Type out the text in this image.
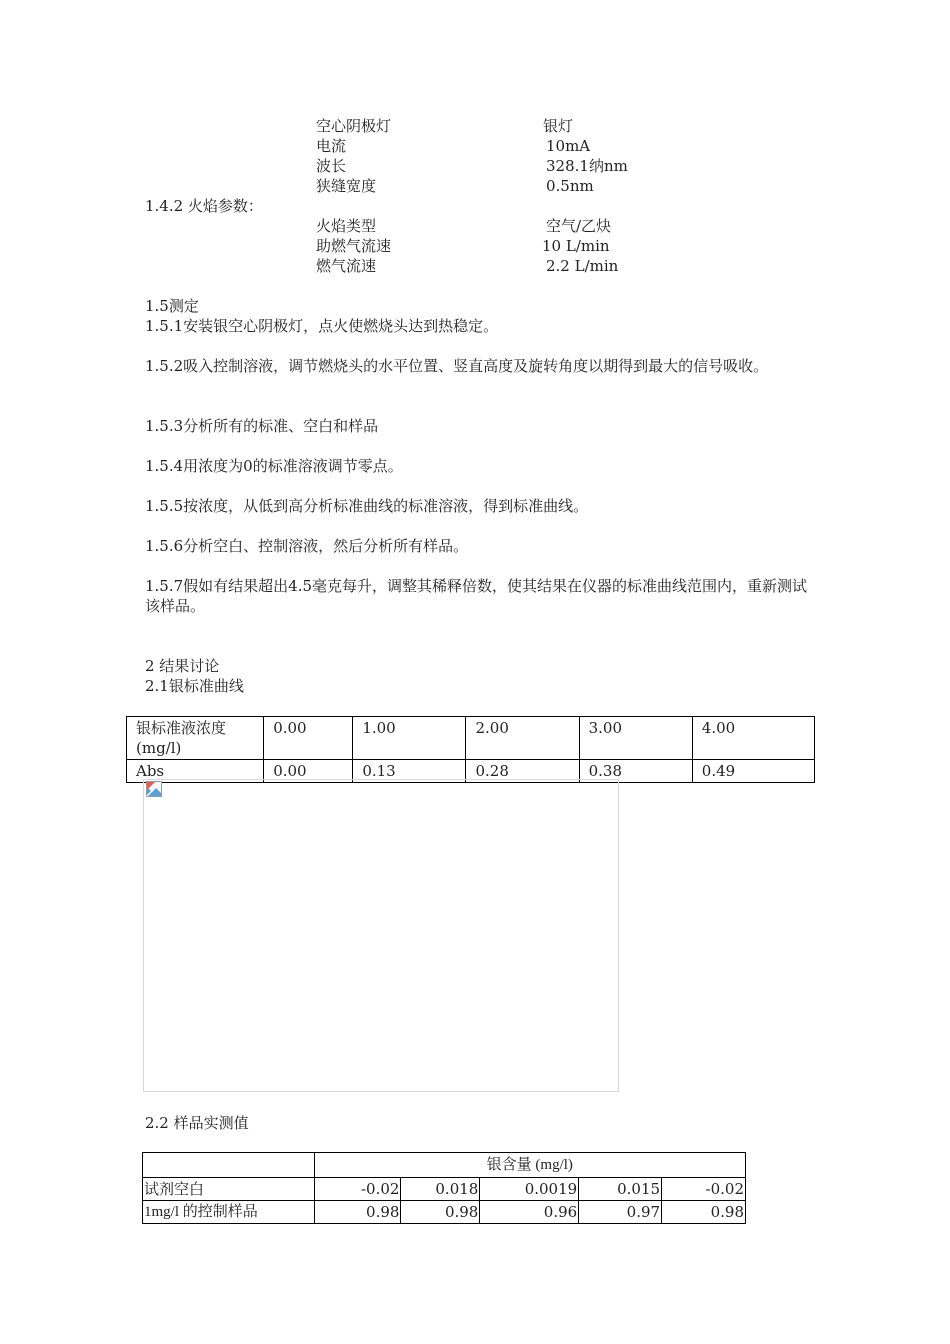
空心阴极灯	银灯
电流	10mA
波长	328.1纳nm
狭缝宽度	0.5nm
1.4.2 火焰参数：
火焰类型	空气/乙炔
助燃气流速	10 L/min
燃气流速	2.2 L/min
1.5测定
1.5.1安装银空心阴极灯，点火使燃烧头达到热稳定。
1.5.2吸入控制溶液，调节燃烧头的水平位置、竖直高度及旋转角度以期得到最大的信号吸收。
1.5.3分析所有的标准、空白和样品
1.5.4用浓度为0的标准溶液调节零点。
1.5.5按浓度，从低到高分析标准曲线的标准溶液，得到标准曲线。
1.5.6分析空白、控制溶液，然后分析所有样品。
1.5.7假如有结果超出4.5毫克每升，调整其稀释倍数，使其结果在仪器的标准曲线范围内，重新测试该样品。
2 结果讨论
2.1银标准曲线
银标准液浓度(mg/l)	0.00	1.00	2.00	3.00	4.00
Abs	0.00	0.13	0.28	0.38	0.49
2.2 样品实测值
	银含量 (mg/l)				
试剂空白	-0.02	0.018	0.0019	0.015	-0.02
1mg/l 的控制样品	0.98	0.98	0.96	0.97	0.98
